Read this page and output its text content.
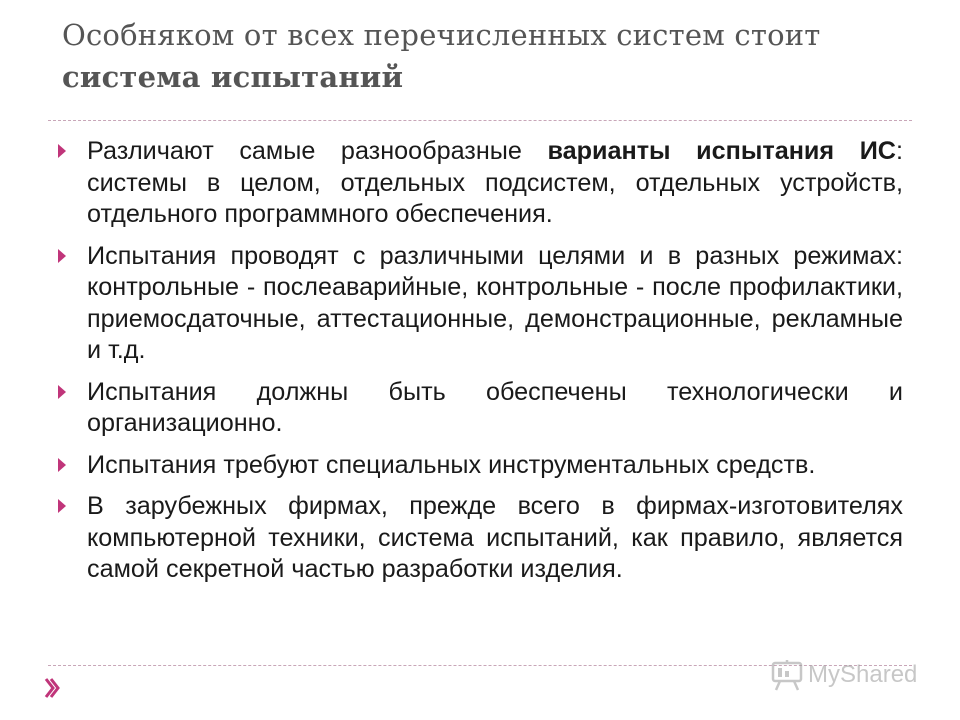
Особняком от всех перечисленных систем стоит
система испытаний
Различают самые разнообразные варианты испытания ИС: системы в целом, отдельных подсистем, отдельных устройств, отдельного программного обеспечения.
Испытания проводят с различными целями и в разных режимах: контрольные - послеаварийные, контрольные - после профилактики, приемосдаточные, аттестационные, демонстрационные, рекламные и т.д.
Испытания должны быть обеспечены технологически и организационно.
Испытания требуют специальных инструментальных средств.
В зарубежных фирмах, прежде всего в фирмах-изготовителях компьютерной техники, система испытаний, как правило, является самой секретной частью разработки изделия.
MyShared
